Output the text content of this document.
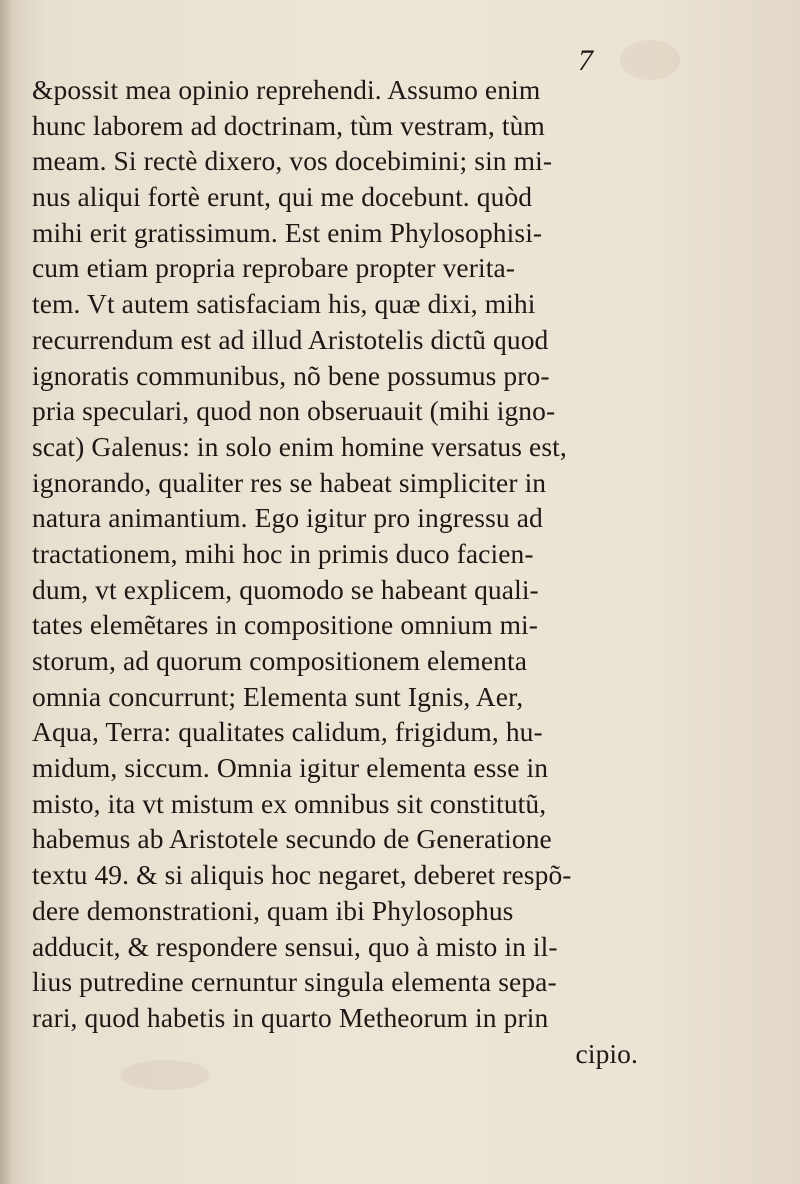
7
&possit mea opinio reprehendi. Assumo enim
hunc laborem ad doctrinam, tùm vestram, tùm
meam. Si rectè dixero, vos docebimini; sin mi-
nus aliqui fortè erunt, qui me docebunt. quòd
mihi erit gratissimum. Est enim Phylosophisi-
cum etiam propria reprobare propter verita-
tem. Vt autem satisfaciam his, quæ dixi, mihi
recurrendum est ad illud Aristotelis dictũ quod
ignoratis communibus, nõ bene possumus pro-
pria speculari, quod non obseruauit (mihi igno-
scat) Galenus: in solo enim homine versatus est,
ignorando, qualiter res se habeat simpliciter in
natura animantium. Ego igitur pro ingressu ad
tractationem, mihi hoc in primis duco facien-
dum, vt explicem, quomodo se habeant quali-
tates elemẽtares in compositione omnium mi-
storum, ad quorum compositionem elementa
omnia concurrunt; Elementa sunt Ignis, Aer,
Aqua, Terra: qualitates calidum, frigidum, hu-
midum, siccum. Omnia igitur elementa esse in
misto, ita vt mistum ex omnibus sit constitutũ,
habemus ab Aristotele secundo de Generatione
textu 49. & si aliquis hoc negaret, deberet respõ-
dere demonstrationi, quam ibi Phylosophus
adducit, & respondere sensui, quo à misto in il-
lius putredine cernuntur singula elementa sepa-
rari, quod habetis in quarto Metheorum in prin
cipio.
